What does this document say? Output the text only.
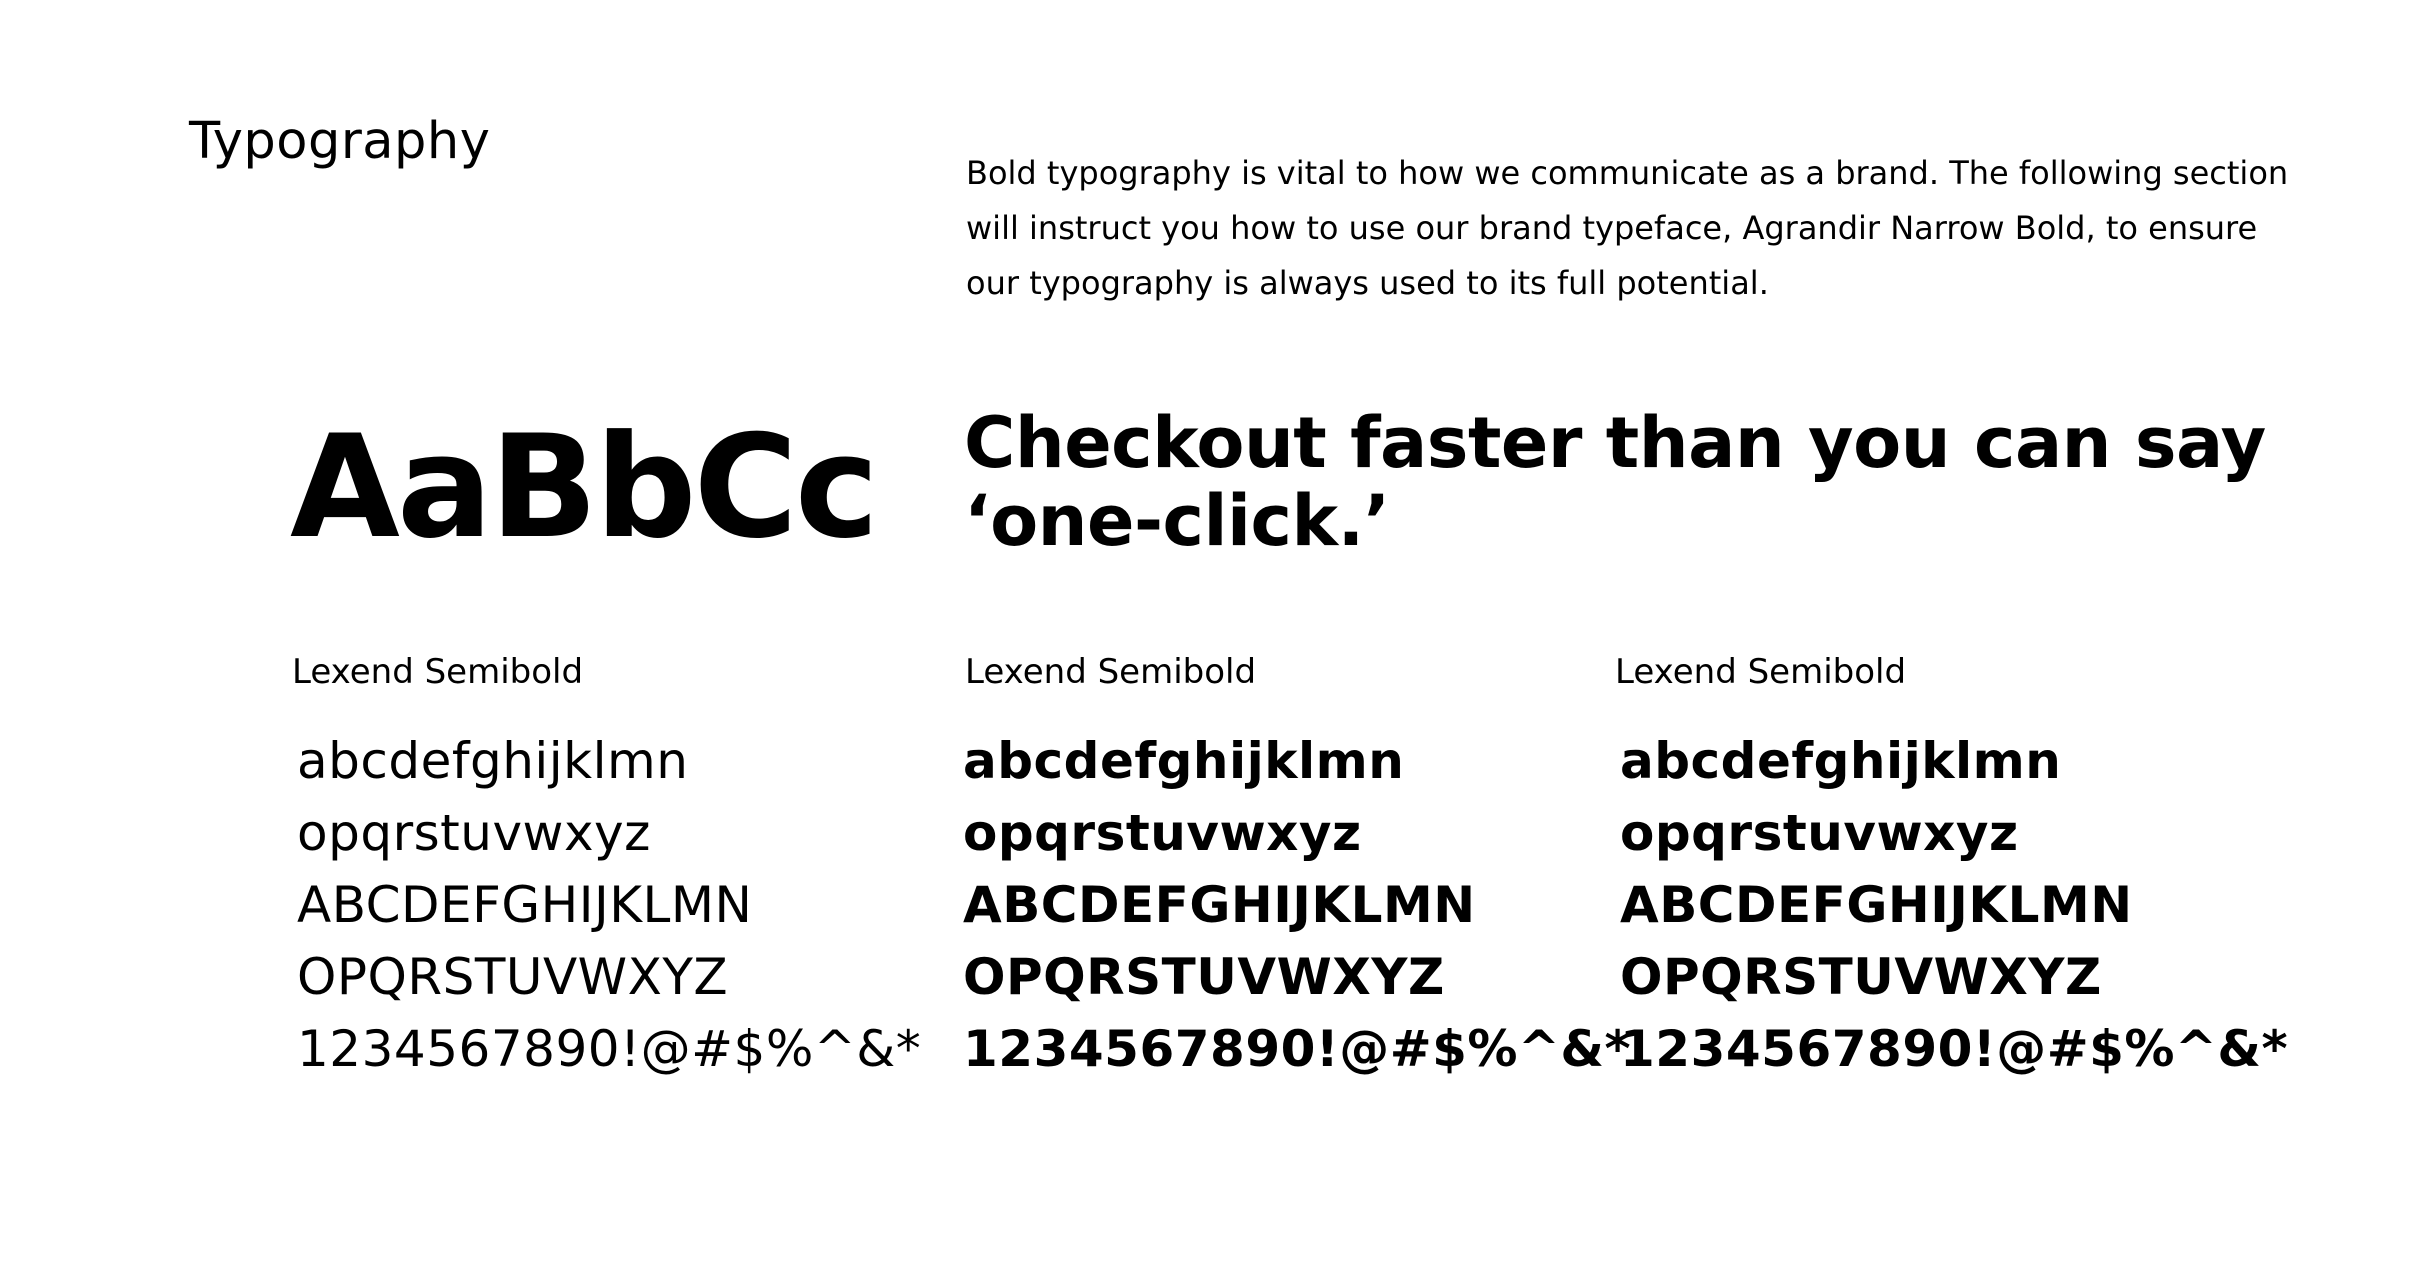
Typography
Bold typography is vital to how we communicate as a brand. The following section will instruct you how to use our brand typeface, Agrandir Narrow Bold, to ensure our typography is always used to its full potential.
AaBbCc Checkout faster than you can say
‘one-click.’
Lexend Semibold	Lexend Semibold	Lexend Semibold
abcdefghijklmn
opqrstuvwxyz
ABCDEFGHIJKLMN
OPQRSTUVWXYZ
1234567890!@#$%^&*
abcdefghijklmn
opqrstuvwxyz
ABCDEFGHIJKLMN
OPQRSTUVWXYZ
1234567890!@#$%^&*
abcdefghijklmn
opqrstuvwxyz
ABCDEFGHIJKLMN
OPQRSTUVWXYZ
1234567890!@#$%^&*
